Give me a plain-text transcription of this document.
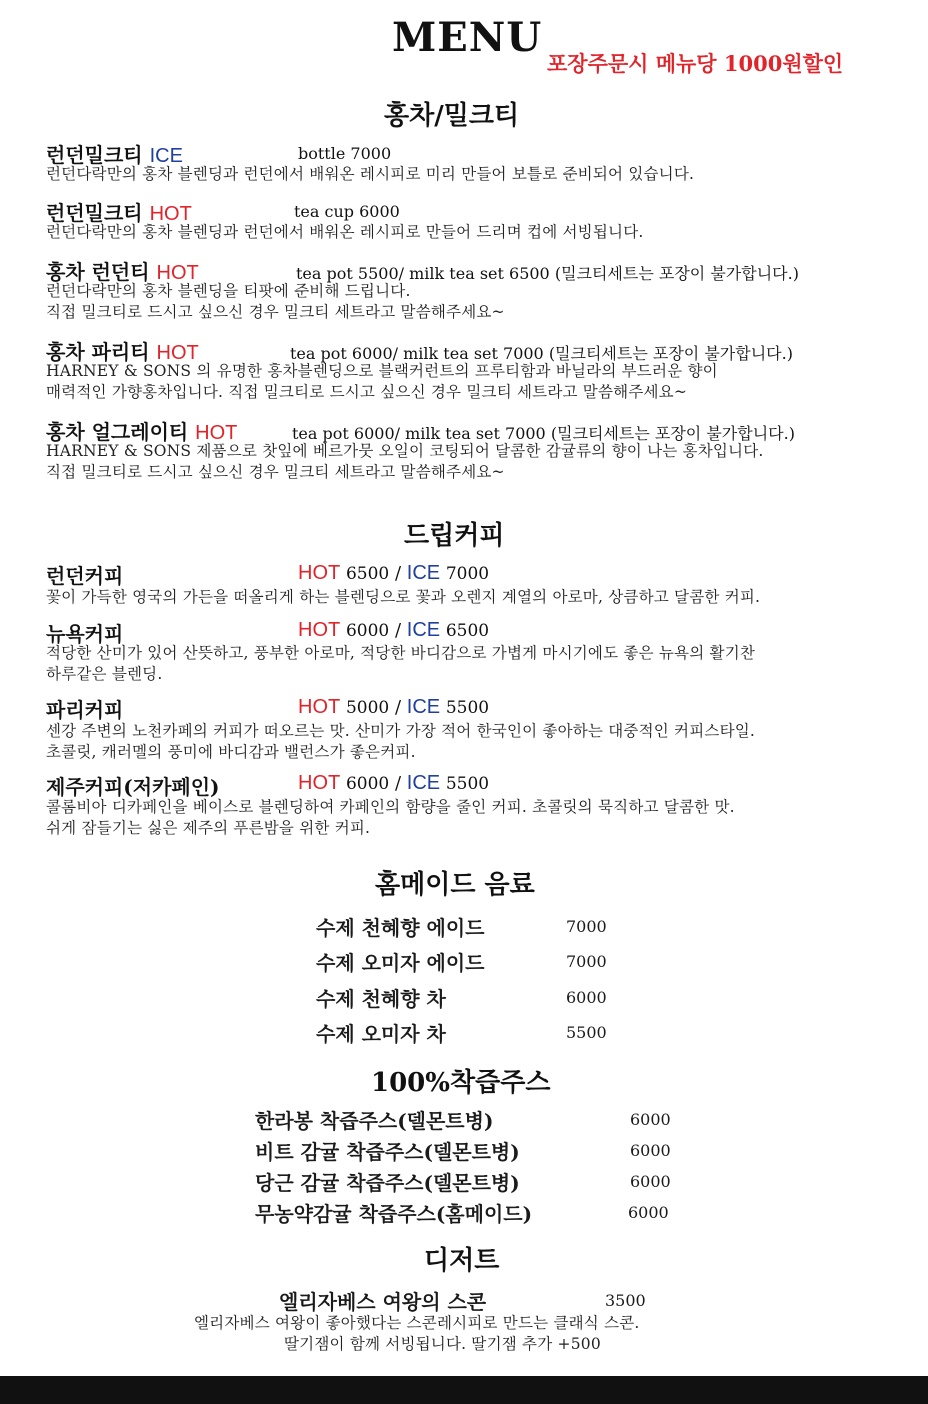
MENU
포장주문시 메뉴당 1000원할인
홍차/밀크티
런던밀크티 ICE	bottle 7000
런던다락만의 홍차 블렌딩과 런던에서 배워온 레시피로 미리 만들어 보틀로 준비되어 있습니다.
런던밀크티 HOT	tea cup 6000
런던다락만의 홍차 블렌딩과 런던에서 배워온 레시피로 만들어 드리며 컵에 서빙됩니다.
홍차 런던티 HOT	tea pot 5500/ milk tea set 6500 (밀크티세트는 포장이 불가합니다.)
런던다락만의 홍차 블렌딩을 티팟에 준비해 드립니다.
직접 밀크티로 드시고 싶으신 경우 밀크티 세트라고 말씀해주세요~
홍차 파리티 HOT	tea pot 6000/ milk tea set 7000 (밀크티세트는 포장이 불가합니다.)
HARNEY & SONS 의 유명한 홍차블렌딩으로 블랙커런트의 프루티함과 바닐라의 부드러운 향이
매력적인 가향홍차입니다. 직접 밀크티로 드시고 싶으신 경우 밀크티 세트라고 말씀해주세요~
홍차 얼그레이티 HOT	tea pot 6000/ milk tea set 7000 (밀크티세트는 포장이 불가합니다.)
HARNEY & SONS 제품으로 찻잎에 베르가뭇 오일이 코팅되어 달콤한 감귤류의 향이 나는 홍차입니다.
직접 밀크티로 드시고 싶으신 경우 밀크티 세트라고 말씀해주세요~
드립커피
런던커피	HOT 6500 / ICE 7000
꽃이 가득한 영국의 가든을 떠올리게 하는 블렌딩으로 꽃과 오렌지 계열의 아로마, 상큼하고 달콤한 커피.
뉴욕커피	HOT 6000 / ICE 6500
적당한 산미가 있어 산뜻하고, 풍부한 아로마, 적당한 바디감으로 가볍게 마시기에도 좋은 뉴욕의 활기찬
하루같은 블렌딩.
파리커피	HOT 5000 / ICE 5500
센강 주변의 노천카페의 커피가 떠오르는 맛. 산미가 가장 적어 한국인이 좋아하는 대중적인 커피스타일.
초콜릿, 캐러멜의 풍미에 바디감과 밸런스가 좋은커피.
제주커피(저카페인)	HOT 6000 / ICE 5500
콜롬비아 디카페인을 베이스로 블렌딩하여 카페인의 함량을 줄인 커피. 초콜릿의 묵직하고 달콤한 맛.
쉬게 잠들기는 싫은 제주의 푸른밤을 위한 커피.
홈메이드 음료
수제 천혜향 에이드	7000
수제 오미자 에이드	7000
수제 천혜향 차	6000
수제 오미자 차	5500
100%착즙주스
한라봉 착즙주스(델몬트병)	6000
비트 감귤 착즙주스(델몬트병)	6000
당근 감귤 착즙주스(델몬트병)	6000
무농약감귤 착즙주스(홈메이드)	6000
디저트
엘리자베스 여왕의 스콘	3500
엘리자베스 여왕이 좋아했다는 스콘레시피로 만드는 클래식 스콘.
딸기잼이 함께 서빙됩니다. 딸기잼 추가 +500
